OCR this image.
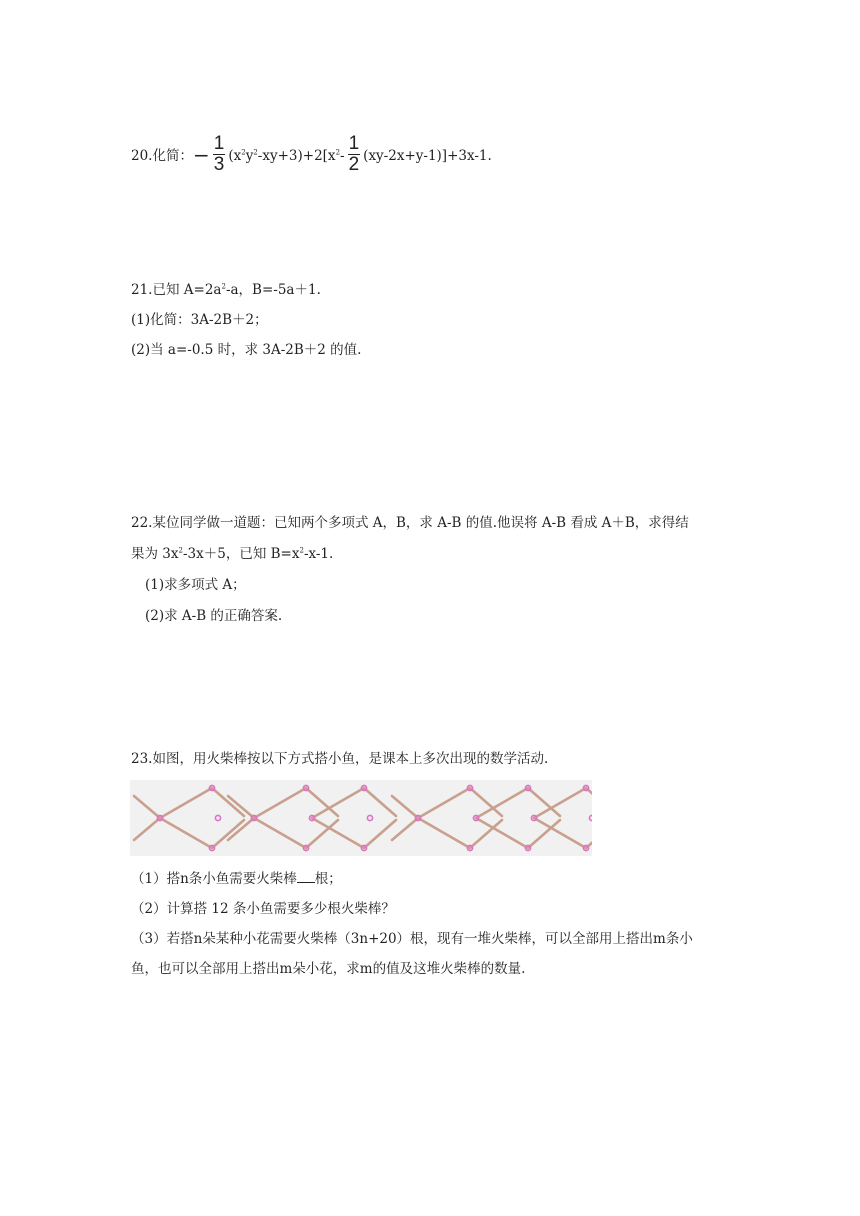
20.化简：− $\frac{1}{3} (x^2y^2-xy+3)+2[x^2- \frac{1}{2} (xy-2x+y-1)]+3x-1$.
21.已知 $A=2a^2-a$，B=-5a＋1.
(1)化简：3A-2B＋2；
(2)当 a=-0.5 时，求 3A-2B＋2 的值.
22.某位同学做一道题：已知两个多项式 A，B，求 A-B 的值.他误将 A-B 看成 A＋B，求得结
果为 $3x^2-3x+5$，已知 $B=x^2-x-1$.
(1)求多项式 A；
(2)求 A-B 的正确答案.
23.如图，用火柴棒按以下方式搭小鱼，是课本上多次出现的数学活动.
（1）搭n条小鱼需要火柴棒 根；
（2）计算搭 12 条小鱼需要多少根火柴棒？
（3）若搭n朵某种小花需要火柴棒（3n+20）根，现有一堆火柴棒，可以全部用上搭出m条小
鱼，也可以全部用上搭出m朵小花，求m的值及这堆火柴棒的数量.
